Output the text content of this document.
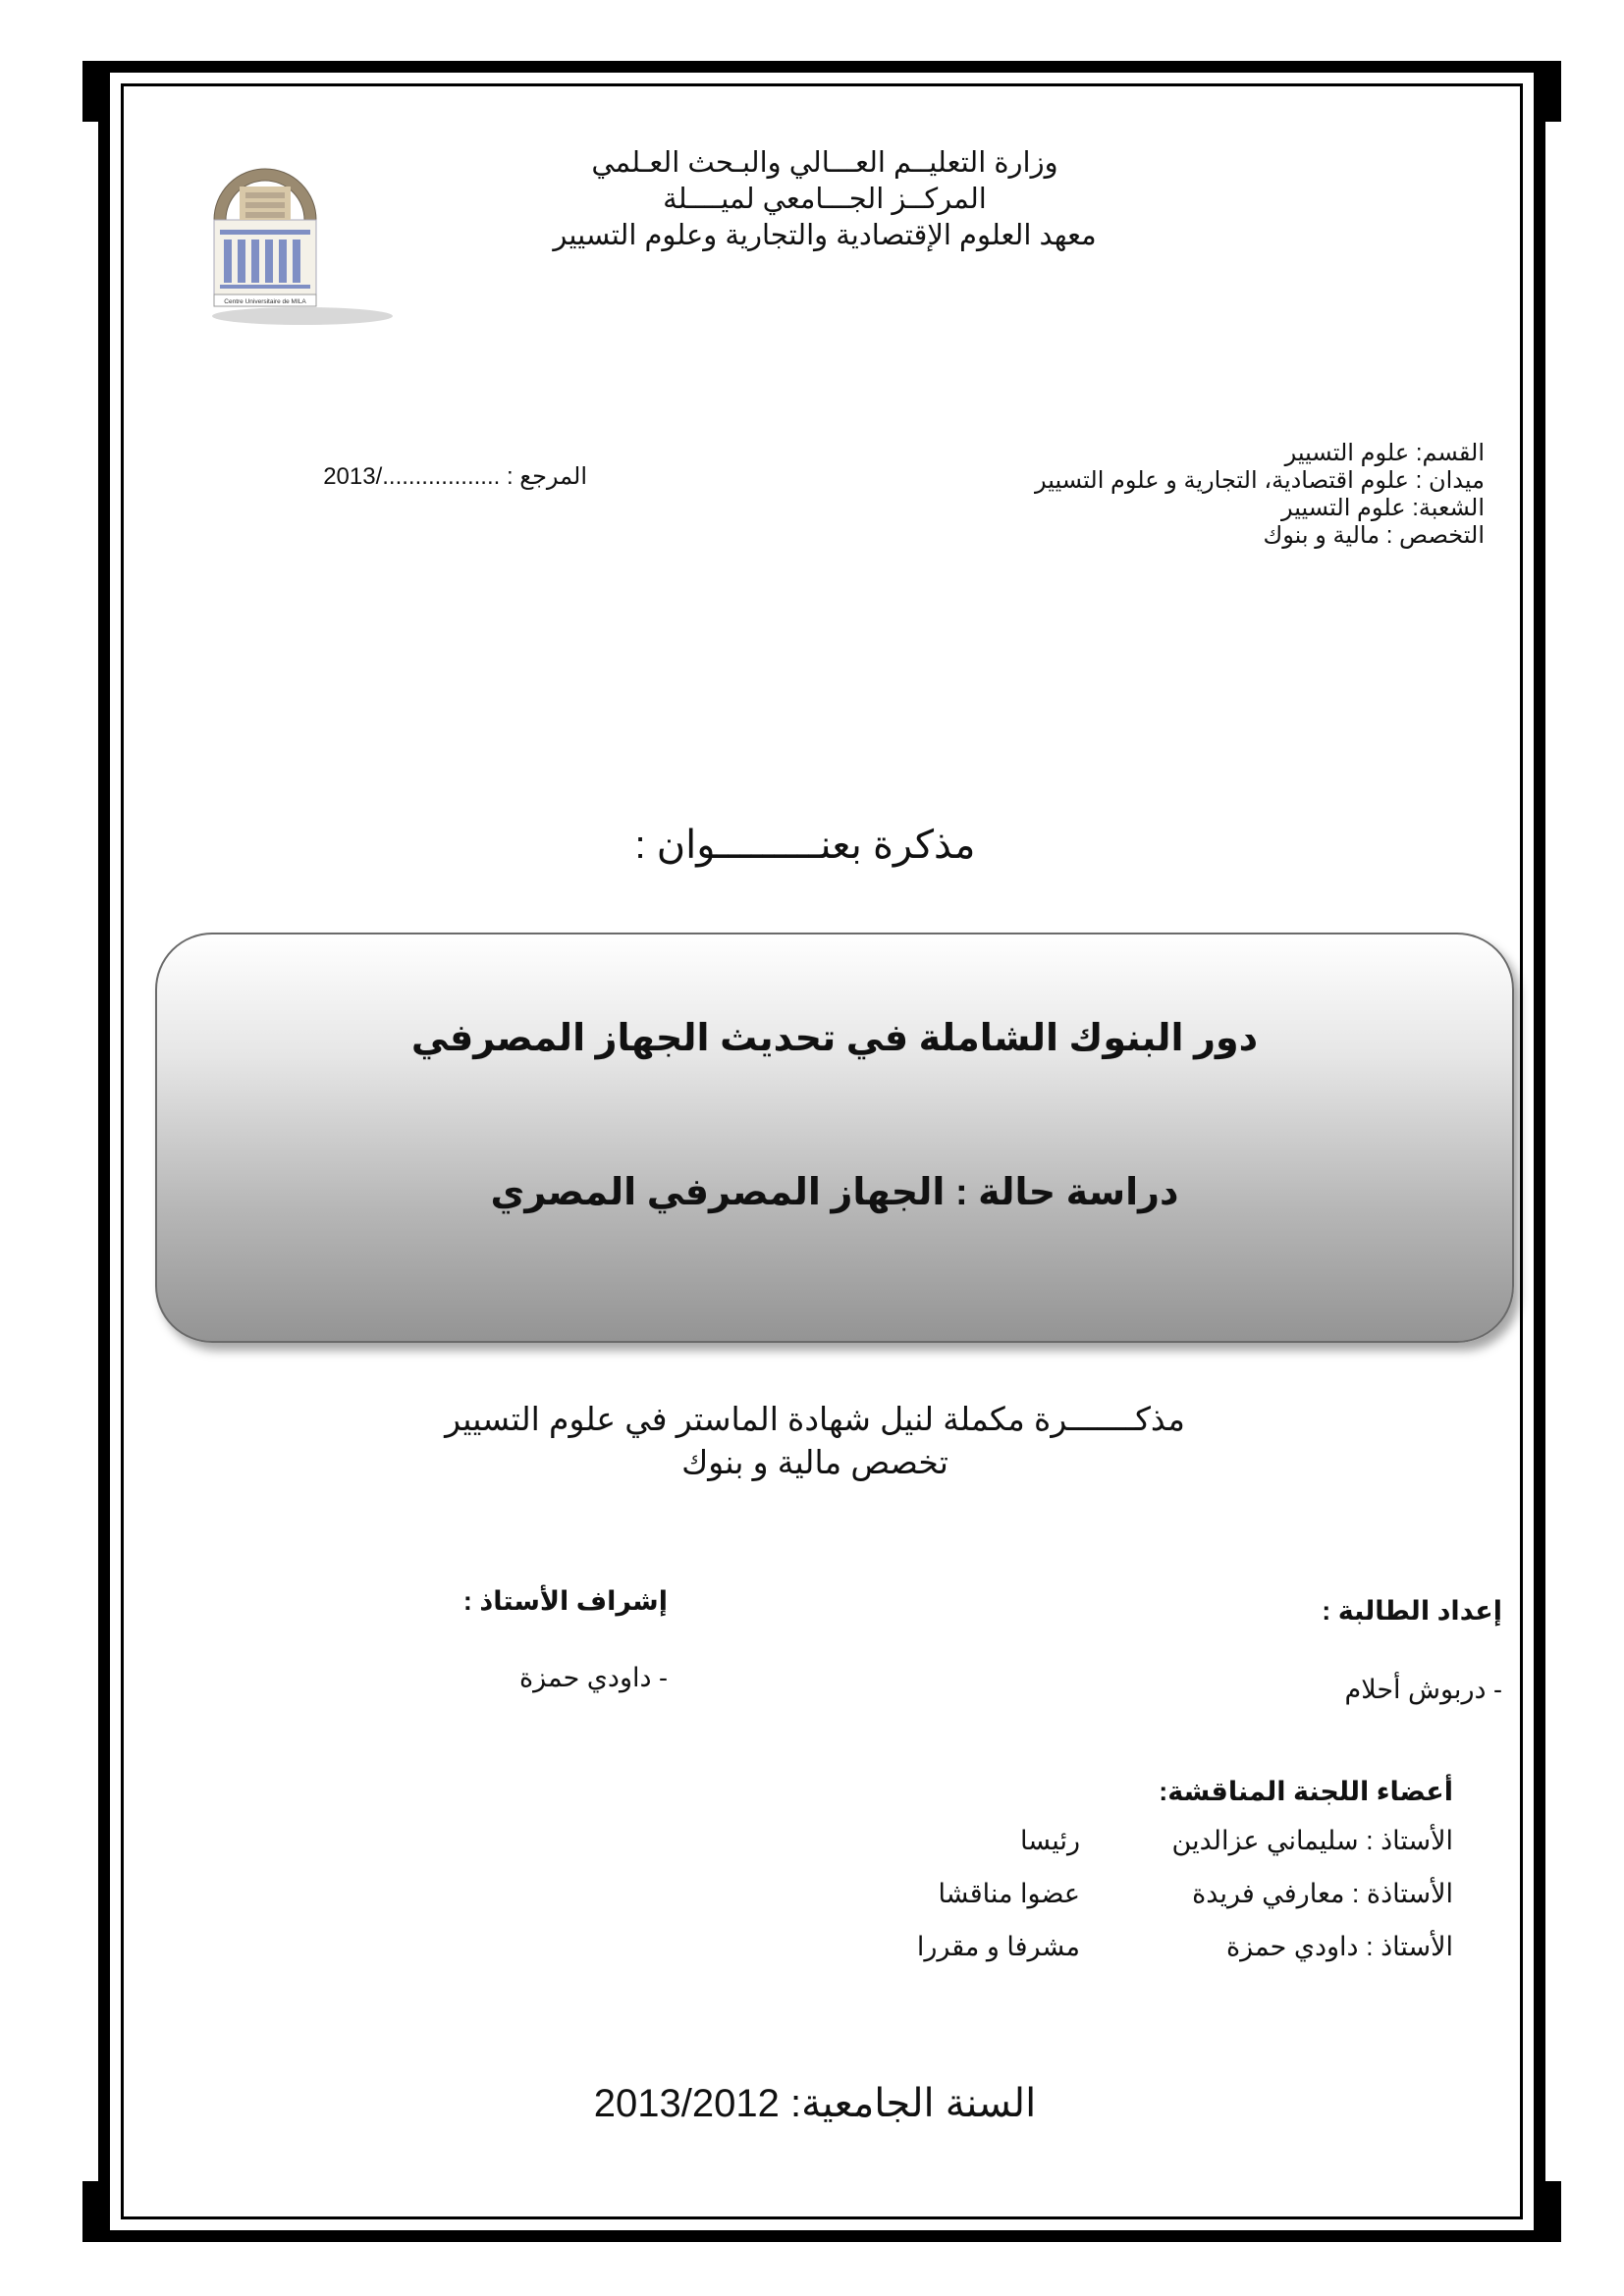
وزارة التعليــم العـــالي والبـحث العـلمي
المركــز الجـــامعي لميــــلة
معهد العلوم الإقتصادية والتجارية وعلوم التسيير
Centre Universitaire de MILA
المرجع : ................../2013
القسم: علوم التسيير
ميدان : علوم اقتصادية، التجارية و علوم التسيير
الشعبة: علوم التسيير
التخصص : مالية و بنوك
مذكرة بعنـــــــــوان :
دور البنوك الشاملة في تحديث الجهاز المصرفي
دراسة حالة : الجهاز المصرفي المصري
مذكـــــــرة مكملة لنيل شهادة الماستر في علوم التسيير
تخصص مالية و بنوك
إعداد الطالبة :
- دربوش أحلام
إشراف الأستاذ :
- داودي حمزة
أعضاء اللجنة المناقشة:
الأستاذ : سليماني عزالدين
رئيسا
الأستاذة : معارفي فريدة
عضوا مناقشا
الأستاذ : داودي حمزة
مشرفا و مقررا
السنة الجامعية: 2013/2012
